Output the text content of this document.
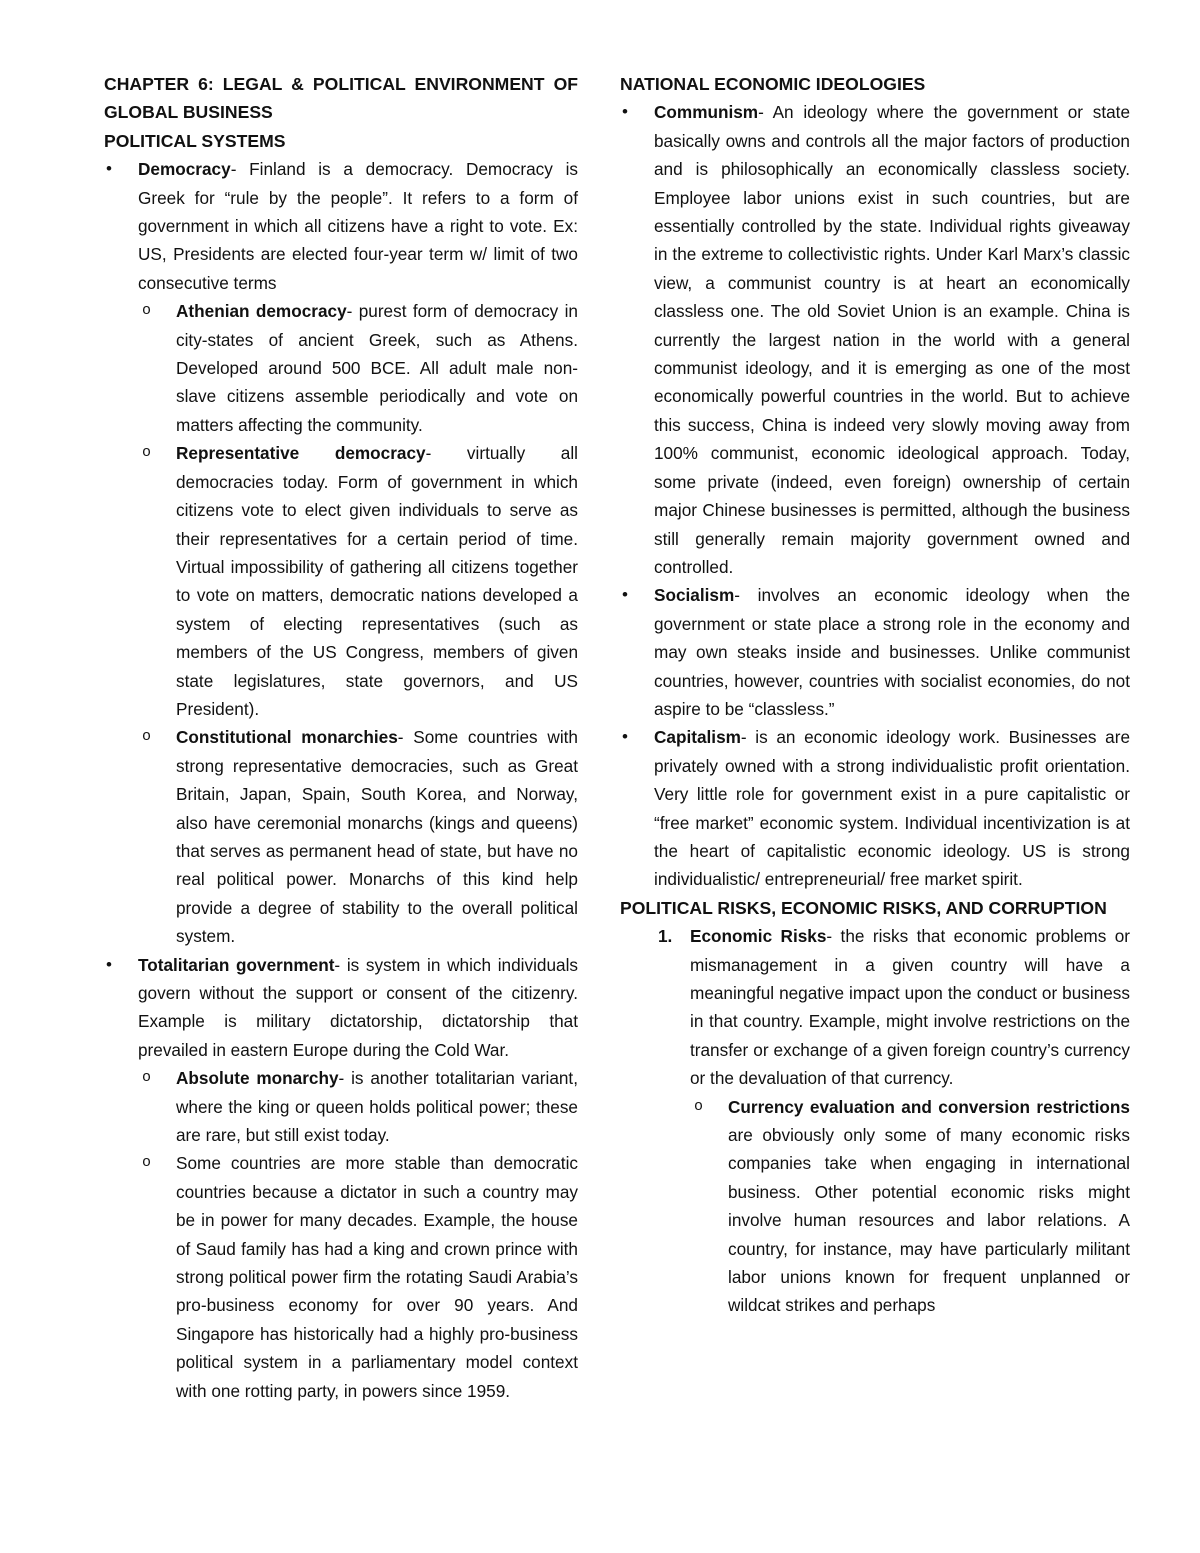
CHAPTER 6: LEGAL & POLITICAL ENVIRONMENT OF GLOBAL BUSINESS

POLITICAL SYSTEMS

• Democracy- Finland is a democracy. Democracy is Greek for “rule by the people”. It refers to a form of government in which all citizens have a right to vote. Ex: US, Presidents are elected four-year term w/ limit of two consecutive terms
o Athenian democracy- purest form of democracy in city-states of ancient Greek, such as Athens. Developed around 500 BCE. All adult male non-slave citizens assemble periodically and vote on matters affecting the community.
o Representative democracy- virtually all democracies today. Form of government in which citizens vote to elect given individuals to serve as their representatives for a certain period of time. Virtual impossibility of gathering all citizens together to vote on matters, democratic nations developed a system of electing representatives (such as members of the US Congress, members of given state legislatures, state governors, and US President).
o Constitutional monarchies- Some countries with strong representative democracies, such as Great Britain, Japan, Spain, South Korea, and Norway, also have ceremonial monarchs (kings and queens) that serves as permanent head of state, but have no real political power. Monarchs of this kind help provide a degree of stability to the overall political system.
• Totalitarian government- is system in which individuals govern without the support or consent of the citizenry. Example is military dictatorship, dictatorship that prevailed in eastern Europe during the Cold War.
o Absolute monarchy- is another totalitarian variant, where the king or queen holds political power; these are rare, but still exist today.
o Some countries are more stable than democratic countries because a dictator in such a country may be in power for many decades. Example, the house of Saud family has had a king and crown prince with strong political power firm the rotating Saudi Arabia’s pro-business economy for over 90 years. And Singapore has historically had a highly pro-business political system in a parliamentary model context with one rotting party, in powers since 1959.

NATIONAL ECONOMIC IDEOLOGIES

• Communism- An ideology where the government or state basically owns and controls all the major factors of production and is philosophically an economically classless society. Employee labor unions exist in such countries, but are essentially controlled by the state. Individual rights giveaway in the extreme to collectivistic rights. Under Karl Marx’s classic view, a communist country is at heart an economically classless one. The old Soviet Union is an example. China is currently the largest nation in the world with a general communist ideology, and it is emerging as one of the most economically powerful countries in the world. But to achieve this success, China is indeed very slowly moving away from 100% communist, economic ideological approach. Today, some private (indeed, even foreign) ownership of certain major Chinese businesses is permitted, although the business still generally remain majority government owned and controlled.
• Socialism- involves an economic ideology when the government or state place a strong role in the economy and may own steaks inside and businesses. Unlike communist countries, however, countries with socialist economies, do not aspire to be “classless.”
• Capitalism- is an economic ideology work. Businesses are privately owned with a strong individualistic profit orientation. Very little role for government exist in a pure capitalistic or “free market” economic system. Individual incentivization is at the heart of capitalistic economic ideology. US is strong individualistic/ entrepreneurial/ free market spirit.

POLITICAL RISKS, ECONOMIC RISKS, AND CORRUPTION

1. Economic Risks- the risks that economic problems or mismanagement in a given country will have a meaningful negative impact upon the conduct or business in that country. Example, might involve restrictions on the transfer or exchange of a given foreign country’s currency or the devaluation of that currency.
o Currency evaluation and conversion restrictions are obviously only some of many economic risks companies take when engaging in international business. Other potential economic risks might involve human resources and labor relations. A country, for instance, may have particularly militant labor unions known for frequent unplanned or wildcat strikes and perhaps
